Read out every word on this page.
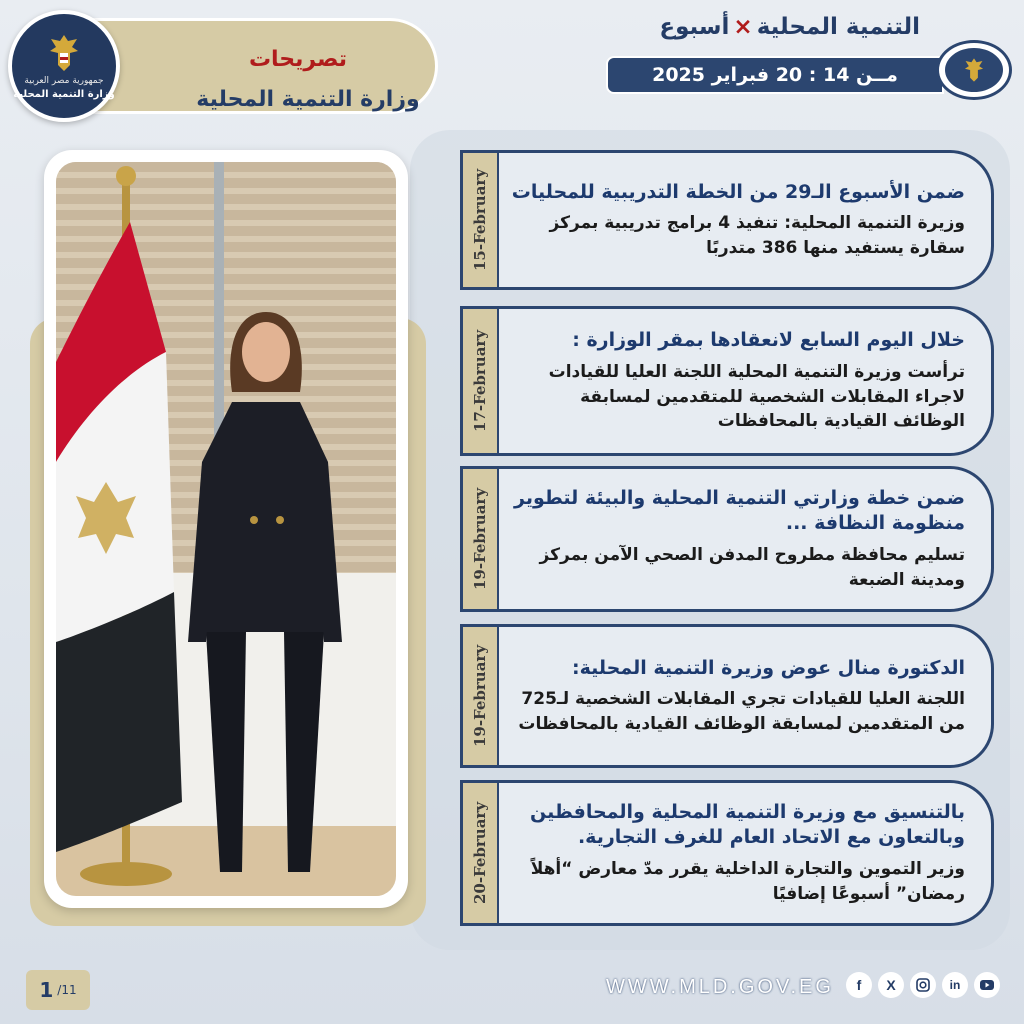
تصريحات
وزارة التنمية المحلية
جمهورية مصر العربية
وزارة التنمية المحلية
التنمية المحلية×أسبوع
مــن 14 : 20 فبراير 2025
15-February ضمن الأسبوع الـ29 من الخطة التدريبية للمحليات
وزيرة التنمية المحلية: تنفيذ 4 برامج تدريبية بمركز سقارة يستفيد منها 386 متدربًا
17-February	خلال اليوم السابع لانعقادها بمقر الوزارة :
ترأست وزيرة التنمية المحلية اللجنة العليا للقيادات لاجراء المقابلات الشخصية للمتقدمين لمسابقة الوظائف القيادية بالمحافظات
19-February	ضمن خطة وزارتي التنمية المحلية والبيئة لتطوير منظومة النظافة ...
تسليم محافظة مطروح المدفن الصحي الآمن بمركز ومدينة الضبعة
19-February	الدكتورة منال عوض وزيرة التنمية المحلية:
اللجنة العليا للقيادات تجري المقابلات الشخصية لـ725 من المتقدمين لمسابقة الوظائف القيادية بالمحافظات
20-February	بالتنسيق مع وزيرة التنمية المحلية والمحافظين وبالتعاون مع الاتحاد العام للغرف التجارية.
وزير التموين والتجارة الداخلية يقرر مدّ معارض “أهلاً رمضان” أسبوعًا إضافيًا
1 /11	WWW.MLD.GOV.EG	f	X	in
